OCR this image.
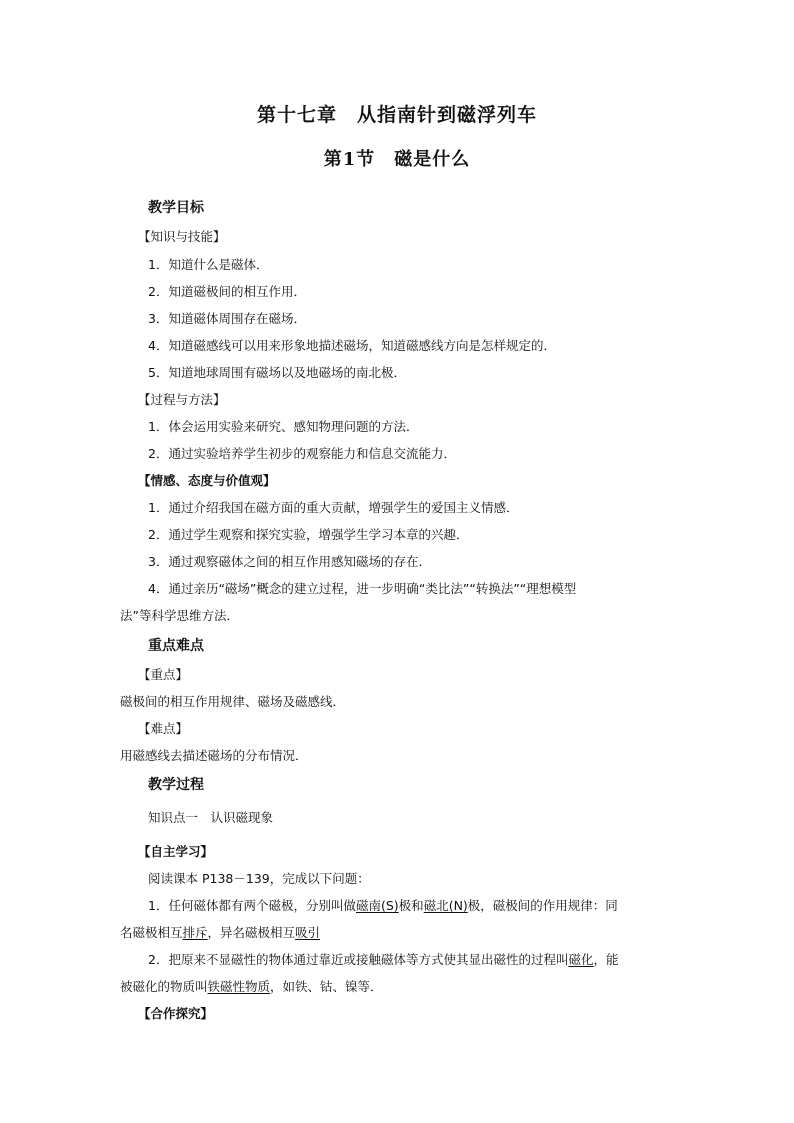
第十七章　从指南针到磁浮列车
第1节　磁是什么
教学目标
【知识与技能】
1．知道什么是磁体．
2．知道磁极间的相互作用．
3．知道磁体周围存在磁场．
4．知道磁感线可以用来形象地描述磁场，知道磁感线方向是怎样规定的．
5．知道地球周围有磁场以及地磁场的南北极．
【过程与方法】
1．体会运用实验来研究、感知物理问题的方法．
2．通过实验培养学生初步的观察能力和信息交流能力．
【情感、态度与价值观】
1．通过介绍我国在磁方面的重大贡献，增强学生的爱国主义情感．
2．通过学生观察和探究实验，增强学生学习本章的兴趣．
3．通过观察磁体之间的相互作用感知磁场的存在．
4．通过亲历“磁场”概念的建立过程，进一步明确“类比法”“转换法”“理想模型
法”等科学思维方法．
重点难点
【重点】
磁极间的相互作用规律、磁场及磁感线．
【难点】
用磁感线去描述磁场的分布情况．
教学过程
知识点一　认识磁现象
【自主学习】
阅读课本 P138－139，完成以下问题：
1．任何磁体都有两个磁极，分别叫做磁南(S)极和磁北(N)极，磁极间的作用规律：同
名磁极相互排斥，异名磁极相互吸引
2．把原来不显磁性的物体通过靠近或接触磁体等方式使其显出磁性的过程叫磁化，能
被磁化的物质叫铁磁性物质，如铁、钴、镍等．
【合作探究】
